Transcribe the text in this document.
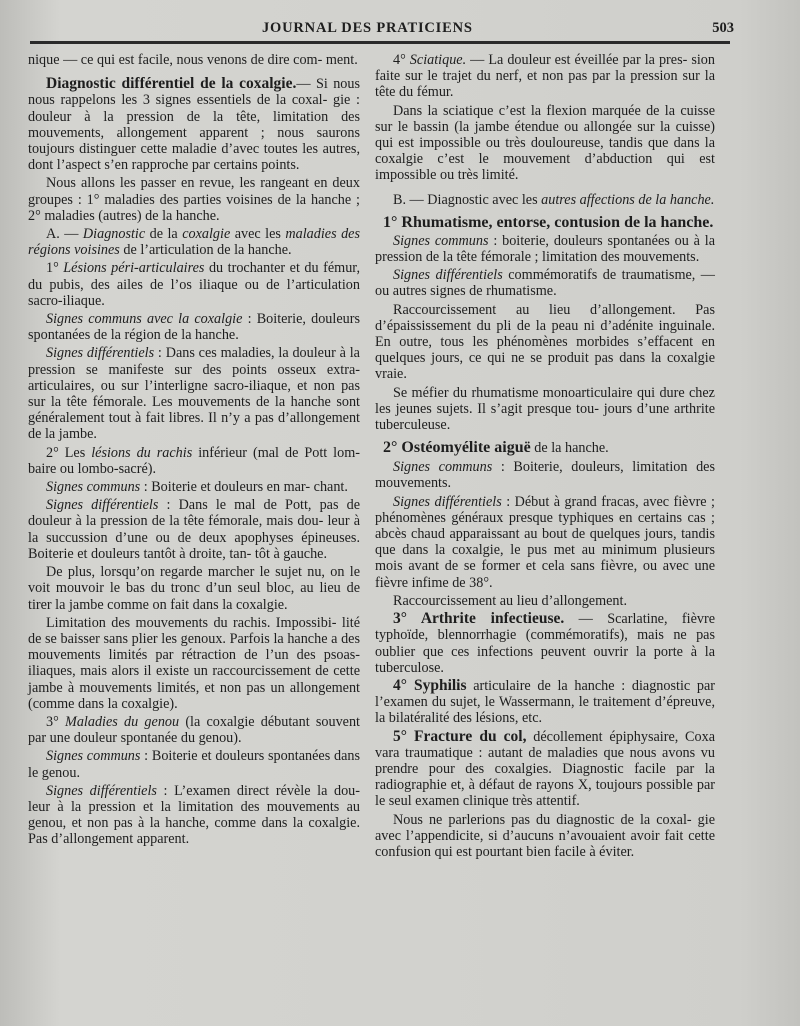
JOURNAL DES PRATICIENS	503

nique — ce qui est facile, nous venons de dire com- ment.

Diagnostic différentiel de la coxalgie.— Si nous nous rappelons les 3 signes essentiels de la coxal- gie : douleur à la pression de la tête, limitation des mouvements, allongement apparent ; nous saurons toujours distinguer cette maladie d’avec toutes les autres, dont l’aspect s’en rapproche par certains points.

Nous allons les passer en revue, les rangeant en deux groupes : 1° maladies des parties voisines de la hanche ; 2° maladies (autres) de la hanche.

A. — Diagnostic de la coxalgie avec les maladies des régions voisines de l’articulation de la hanche.

1° Lésions péri-articulaires du trochanter et du fémur, du pubis, des ailes de l’os iliaque ou de l’articulation sacro-iliaque.

Signes communs avec la coxalgie : Boiterie, douleurs spontanées de la région de la hanche.

Signes différentiels : Dans ces maladies, la douleur à la pression se manifeste sur des points osseux extra-articulaires, ou sur l’interligne sacro-iliaque, et non pas sur la tête fémorale. Les mouvements de la hanche sont généralement tout à fait libres. Il n’y a pas d’allongement de la jambe.

2° Les lésions du rachis inférieur (mal de Pott lom- baire ou lombo-sacré).

Signes communs : Boiterie et douleurs en mar- chant.

Signes différentiels : Dans le mal de Pott, pas de douleur à la pression de la tête fémorale, mais dou- leur à la succussion d’une ou de deux apophyses épineuses. Boiterie et douleurs tantôt à droite, tan- tôt à gauche.

De plus, lorsqu’on regarde marcher le sujet nu, on le voit mouvoir le bas du tronc d’un seul bloc, au lieu de tirer la jambe comme on fait dans la coxalgie.

Limitation des mouvements du rachis. Impossibi- lité de se baisser sans plier les genoux. Parfois la hanche a des mouvements limités par rétraction de l’un des psoas-iliaques, mais alors il existe un raccourcissement de cette jambe à mouvements limités, et non pas un allongement (comme dans la coxalgie).

3° Maladies du genou (la coxalgie débutant souvent par une douleur spontanée du genou).

Signes communs : Boiterie et douleurs spontanées dans le genou.

Signes différentiels : L’examen direct révèle la dou- leur à la pression et la limitation des mouvements au genou, et non pas à la hanche, comme dans la coxalgie. Pas d’allongement apparent.

4° Sciatique. — La douleur est éveillée par la pres- sion faite sur le trajet du nerf, et non pas par la pression sur la tête du fémur.

Dans la sciatique c’est la flexion marquée de la cuisse sur le bassin (la jambe étendue ou allongée sur la cuisse) qui est impossible ou très douloureuse, tandis que dans la coxalgie c’est le mouvement d’abduction qui est impossible ou très limité.

B. — Diagnostic avec les autres affections de la hanche.

1° Rhumatisme, entorse, contusion de la hanche.

Signes communs : boiterie, douleurs spontanées ou à la pression de la tête fémorale ; limitation des mouvements.

Signes différentiels commémoratifs de traumatisme, — ou autres signes de rhumatisme.

Raccourcissement au lieu d’allongement. Pas d’épaississement du pli de la peau ni d’adénite inguinale. En outre, tous les phénomènes morbides s’effacent en quelques jours, ce qui ne se produit pas dans la coxalgie vraie.

Se méfier du rhumatisme monoarticulaire qui dure chez les jeunes sujets. Il s’agit presque tou- jours d’une arthrite tuberculeuse.

2° Ostéomyélite aiguë de la hanche.

Signes communs : Boiterie, douleurs, limitation des mouvements.

Signes différentiels : Début à grand fracas, avec fièvre ; phénomènes généraux presque typhiques en certains cas ; abcès chaud apparaissant au bout de quelques jours, tandis que dans la coxalgie, le pus met au minimum plusieurs mois avant de se former et cela sans fièvre, ou avec une fièvre infime de 38°.

Raccourcissement au lieu d’allongement.

3° Arthrite infectieuse. — Scarlatine, fièvre typhoïde, blennorrhagie (commémoratifs), mais ne pas oublier que ces infections peuvent ouvrir la porte à la tuberculose.

4° Syphilis articulaire de la hanche : diagnostic par l’examen du sujet, le Wassermann, le traitement d’épreuve, la bilatéralité des lésions, etc.

5° Fracture du col, décollement épiphysaire, Coxa vara traumatique : autant de maladies que nous avons vu prendre pour des coxalgies. Diagnostic facile par la radiographie et, à défaut de rayons X, toujours possible par le seul examen clinique très attentif.

Nous ne parlerions pas du diagnostic de la coxal- gie avec l’appendicite, si d’aucuns n’avouaient avoir fait cette confusion qui est pourtant bien facile à éviter.
